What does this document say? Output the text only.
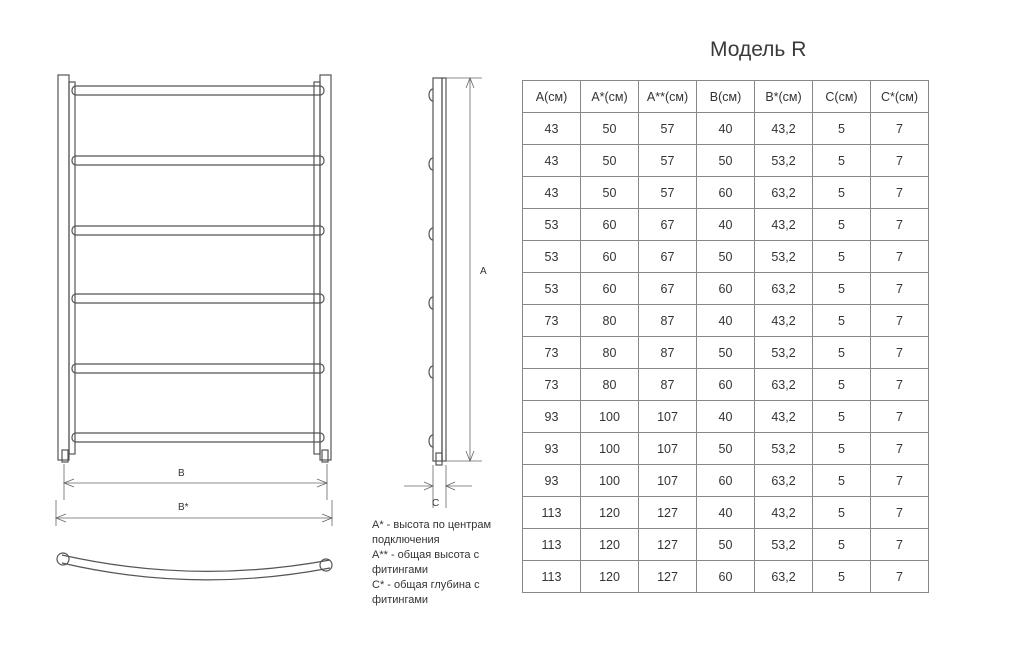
B
B*
A
C
Модель R
A(см)	A*(см)	A**(см)	B(см)	B*(см)	C(см)	C*(см)
43	50	57	40	43,2	5	7
43	50	57	50	53,2	5	7
43	50	57	60	63,2	5	7
53	60	67	40	43,2	5	7
53	60	67	50	53,2	5	7
53	60	67	60	63,2	5	7
73	80	87	40	43,2	5	7
73	80	87	50	53,2	5	7
73	80	87	60	63,2	5	7
93	100	107	40	43,2	5	7
93	100	107	50	53,2	5	7
93	100	107	60	63,2	5	7
113	120	127	40	43,2	5	7
113	120	127	50	53,2	5	7
113	120	127	60	63,2	5	7
A* - высота по центрам
подключения
A** - общая высота с
фитингами
C* - общая глубина с
фитингами
